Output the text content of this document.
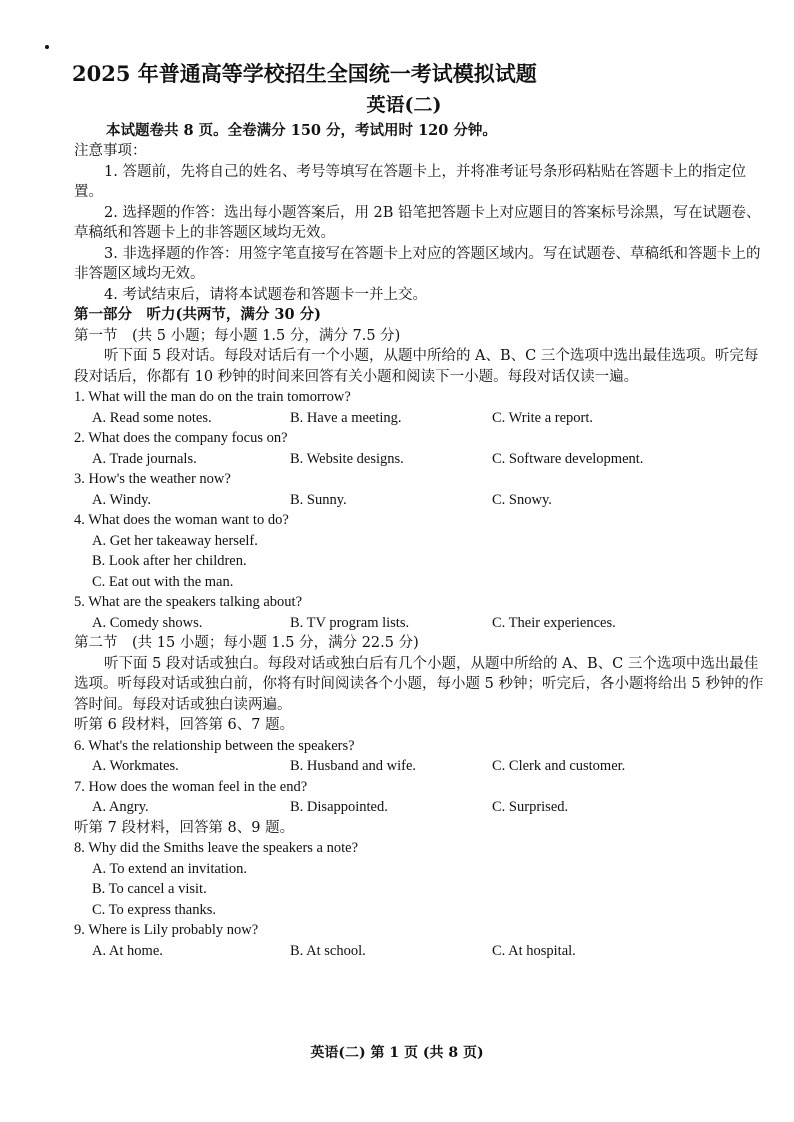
2025 年普通高等学校招生全国统一考试模拟试题
英语(二)
本试题卷共 8 页。全卷满分 150 分，考试用时 120 分钟。
注意事项：
1. 答题前，先将自己的姓名、考号等填写在答题卡上，并将准考证号条形码粘贴在答题卡上的指定位置。
2. 选择题的作答：选出每小题答案后，用 2B 铅笔把答题卡上对应题目的答案标号涂黑，写在试题卷、草稿纸和答题卡上的非答题区域均无效。
3. 非选择题的作答：用签字笔直接写在答题卡上对应的答题区域内。写在试题卷、草稿纸和答题卡上的非答题区域均无效。
4. 考试结束后，请将本试题卷和答题卡一并上交。
第一部分　听力(共两节，满分 30 分)
第一节　(共 5 小题；每小题 1.5 分，满分 7.5 分)
听下面 5 段对话。每段对话后有一个小题，从题中所给的 A、B、C 三个选项中选出最佳选项。听完每段对话后，你都有 10 秒钟的时间来回答有关小题和阅读下一小题。每段对话仅读一遍。
1. What will the man do on the train tomorrow?
A. Read some notes.	B. Have a meeting.	C. Write a report.
2. What does the company focus on?
A. Trade journals.	B. Website designs.	C. Software development.
3. How's the weather now?
A. Windy.	B. Sunny.	C. Snowy.
4. What does the woman want to do?
A. Get her takeaway herself.
B. Look after her children.
C. Eat out with the man.
5. What are the speakers talking about?
A. Comedy shows.	B. TV program lists.	C. Their experiences.
第二节　(共 15 小题；每小题 1.5 分，满分 22.5 分)
听下面 5 段对话或独白。每段对话或独白后有几个小题，从题中所给的 A、B、C 三个选项中选出最佳选项。听每段对话或独白前，你将有时间阅读各个小题，每小题 5 秒钟；听完后，各小题将给出 5 秒钟的作答时间。每段对话或独白读两遍。
听第 6 段材料，回答第 6、7 题。
6. What's the relationship between the speakers?
A. Workmates.	B. Husband and wife.	C. Clerk and customer.
7. How does the woman feel in the end?
A. Angry.	B. Disappointed.	C. Surprised.
听第 7 段材料，回答第 8、9 题。
8. Why did the Smiths leave the speakers a note?
A. To extend an invitation.
B. To cancel a visit.
C. To express thanks.
9. Where is Lily probably now?
A. At home.	B. At school.	C. At hospital.
英语(二) 第 1 页 (共 8 页)
